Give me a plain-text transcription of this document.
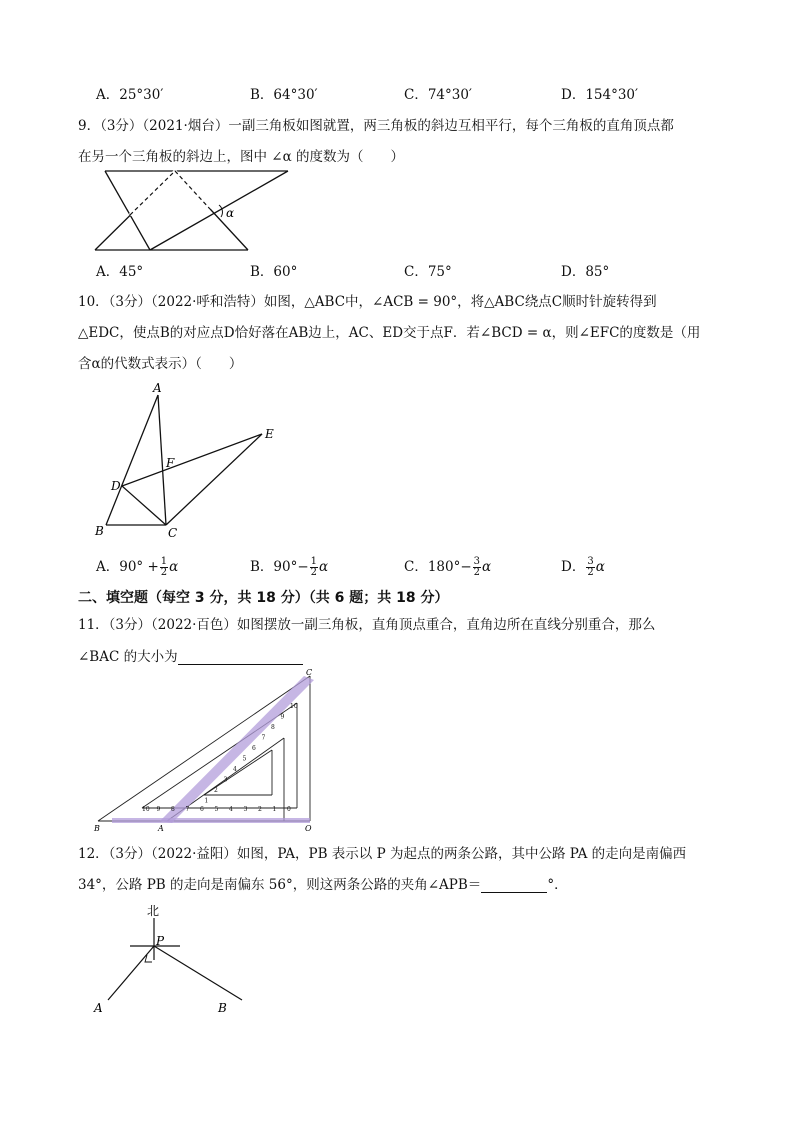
A．25°30′	B．64°30′	C．74°30′	D．154°30′
9．（3分）（2021·烟台）一副三角板如图就置，两三角板的斜边互相平行，每个三角板的直角顶点都
在另一个三角板的斜边上，图中 ∠α 的度数为（　　）
α
A．45°	B．60°	C．75°	D．85°
10．（3分）（2022·呼和浩特）如图，△ABC中，∠ACB = 90°，将△ABC绕点C顺时针旋转得到
△EDC，使点B的对应点D恰好落在AB边上，AC、ED交于点F．若∠BCD = α，则∠EFC的度数是（用
含α的代数式表示）（　　）
A
B	C
D
E
F
A．$90^\circ + \frac{1}{2}$ α	B．$90^\circ- \frac{1}{2}$ α	C．$180^\circ- \frac{3}{2}$ α	D． $\frac{3}{2}$ α
二、填空题（每空 3 分，共 18 分）（共 6 题；共 18 分）
11．（3分）（2022·百色）如图摆放一副三角板，直角顶点重合，直角边所在直线分别重合，那么
∠BAC 的大小为
10 9 8 7 6 5 4 3 2 1 0
10
9
8
7
6
5
4
3
2
1
B	A	O
C
12．（3分）（2022·益阳）如图，PA，PB 表示以 P 为起点的两条公路，其中公路 PA 的走向是南偏西
34°，公路 PB 的走向是南偏东 56°，则这两条公路的夹角∠APB＝	°．
北
P
A	B
